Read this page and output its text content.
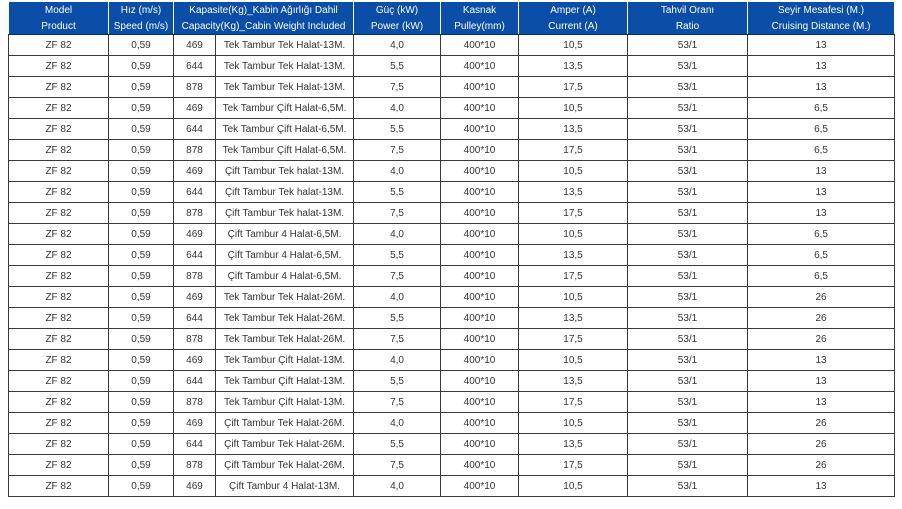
Model	Hız (m/s)	Kapasite(Kg)_Kabin Ağırlığı Dahil		Güç (kW)	Kasnak	Amper (A)	Tahvil Oranı	Seyir Mesafesi (M.)
Product	Speed (m/s)	Capacity(Kg)_Cabin Weight Included		Power (kW)	Pulley(mm)	Current (A)	Ratio	Cruising Distance (M.)
ZF 82	0,59	469	Tek Tambur Tek Halat-13M.	4,0	400*10	10,5	53/1	13
ZF 82	0,59	644	Tek Tambur Tek Halat-13M.	5,5	400*10	13,5	53/1	13
ZF 82	0,59	878	Tek Tambur Tek Halat-13M.	7,5	400*10	17,5	53/1	13
ZF 82	0,59	469	Tek Tambur Çift Halat-6,5M.	4,0	400*10	10,5	53/1	6,5
ZF 82	0,59	644	Tek Tambur Çift Halat-6,5M.	5,5	400*10	13,5	53/1	6,5
ZF 82	0,59	878	Tek Tambur Çift Halat-6,5M.	7,5	400*10	17,5	53/1	6,5
ZF 82	0,59	469	Çift Tambur Tek halat-13M.	4,0	400*10	10,5	53/1	13
ZF 82	0,59	644	Çift Tambur Tek halat-13M.	5,5	400*10	13,5	53/1	13
ZF 82	0,59	878	Çift Tambur Tek halat-13M.	7,5	400*10	17,5	53/1	13
ZF 82	0,59	469	Çift Tambur 4 Halat-6,5M.	4,0	400*10	10,5	53/1	6,5
ZF 82	0,59	644	Çift Tambur 4 Halat-6,5M.	5,5	400*10	13,5	53/1	6,5
ZF 82	0,59	878	Çift Tambur 4 Halat-6,5M.	7,5	400*10	17,5	53/1	6,5
ZF 82	0,59	469	Tek Tambur Tek Halat-26M.	4,0	400*10	10,5	53/1	26
ZF 82	0,59	644	Tek Tambur Tek Halat-26M.	5,5	400*10	13,5	53/1	26
ZF 82	0,59	878	Tek Tambur Tek Halat-26M.	7,5	400*10	17,5	53/1	26
ZF 82	0,59	469	Tek Tambur Çift Halat-13M.	4,0	400*10	10,5	53/1	13
ZF 82	0,59	644	Tek Tambur Çift Halat-13M.	5,5	400*10	13,5	53/1	13
ZF 82	0,59	878	Tek Tambur Çift Halat-13M.	7,5	400*10	17,5	53/1	13
ZF 82	0,59	469	Çift Tambur Tek Halat-26M.	4,0	400*10	10,5	53/1	26
ZF 82	0,59	644	Çift Tambur Tek Halat-26M.	5,5	400*10	13,5	53/1	26
ZF 82	0,59	878	Çift Tambur Tek Halat-26M.	7,5	400*10	17,5	53/1	26
ZF 82	0,59	469	Çift Tambur 4 Halat-13M.	4,0	400*10	10,5	53/1	13
